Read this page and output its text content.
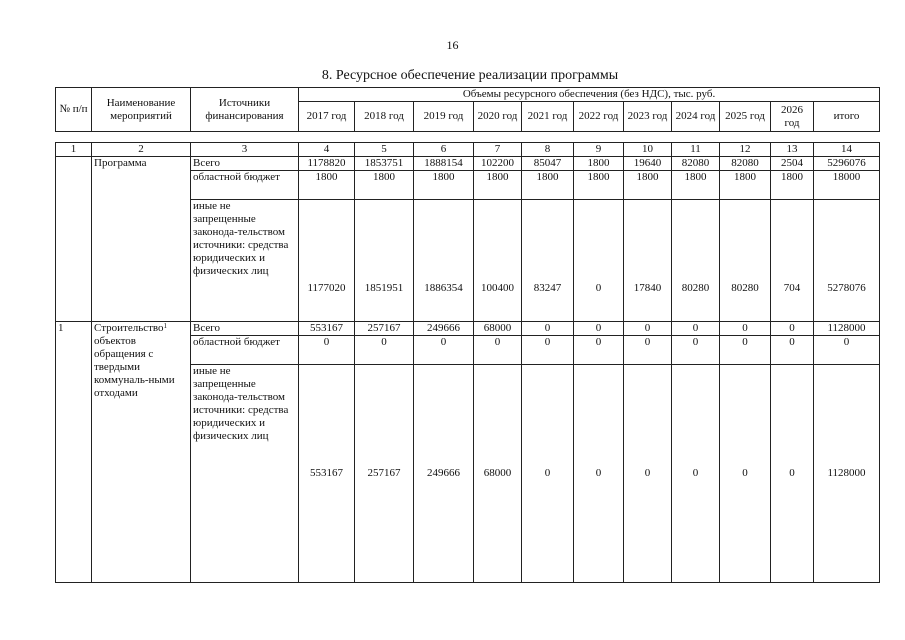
16
8. Ресурсное обеспечение реализации программы
№ п/п	Наименование мероприятий	Источники финансирования	Объемы ресурсного обеспечения (без НДС), тыс. руб.										
			2017 год	2018 год	2019 год	2020 год	2021 год	2022 год	2023 год	2024 год	2025 год	2026 год	итого
1	2	3	4	5	6	7	8	9	10	11	12	13	14
	Программа	Всего	1178820	1853751	1888154	102200	85047	1800	19640	82080	82080	2504	5296076
		областной бюджет	1800	1800	1800	1800	1800	1800	1800	1800	1800	1800	18000
		иные не запрещенные законода-тельством источники: средства юридических и физических лиц	1177020	1851951	1886354	100400	83247	0	17840	80280	80280	704	5278076
1	Строительство$^1$ объектов обращения с твердыми коммуналь-ными отходами	Всего	553167	257167	249666	68000	0	0	0	0	0	0	1128000
		областной бюджет	0	0	0	0	0	0	0	0	0	0	0
		иные не запрещенные законода-тельством источники: средства юридических и физических лиц	553167	257167	249666	68000	0	0	0	0	0	0	1128000
